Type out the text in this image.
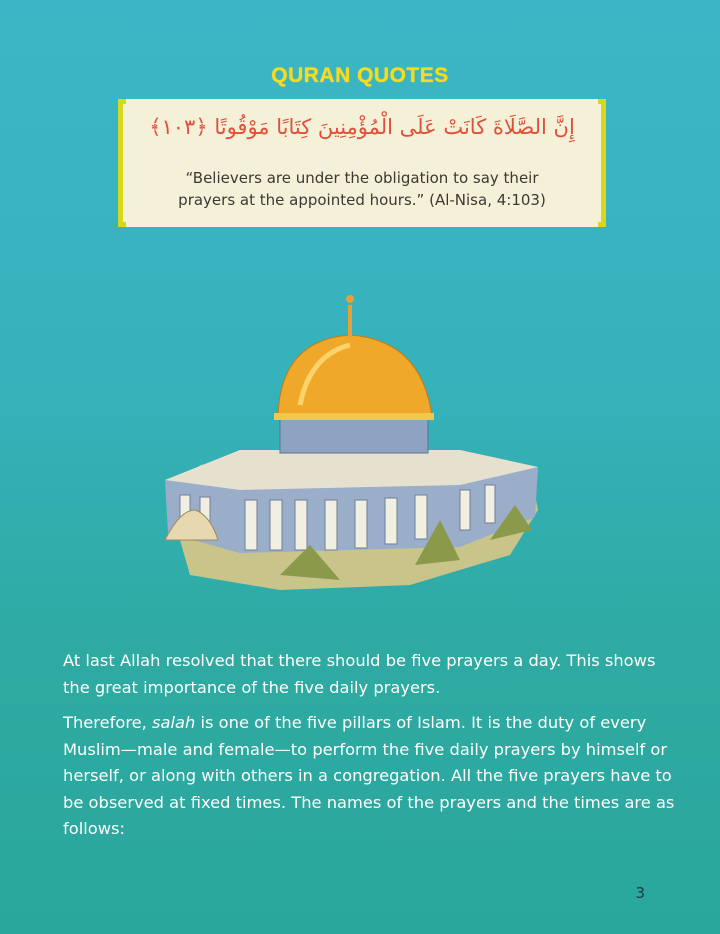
QURAN QUOTES
إِنَّ الصَّلَاةَ كَانَتْ عَلَى الْمُؤْمِنِينَ كِتَابًا مَوْقُوتًا ﴿١٠٣﴾
“Believers are under the obligation to say their
prayers at the appointed hours.” (Al-Nisa, 4:103)

At last Allah resolved that there should be five prayers a day. This shows the great importance of the five daily prayers.

Therefore, salah is one of the five pillars of Islam. It is the duty of every Muslim—male and female—to perform the five daily prayers by himself or herself, or along with others in a congregation. All the five prayers have to be observed at fixed times. The names of the prayers and the times are as follows:

3
